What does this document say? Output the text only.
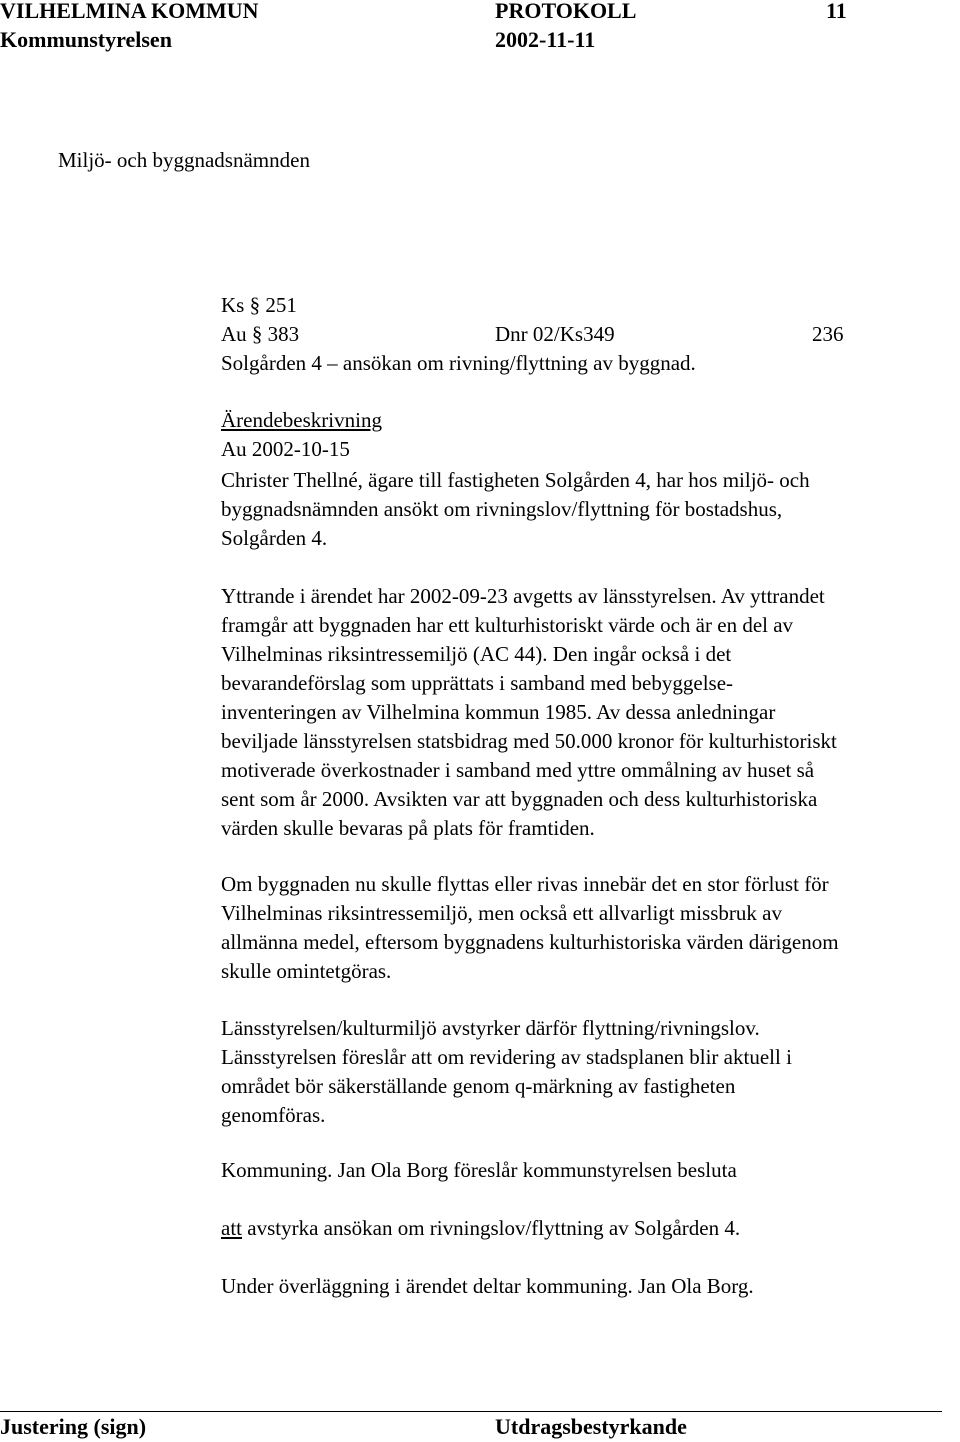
VILHELMINA KOMMUN	PROTOKOLL	11
Kommunstyrelsen	2002-11-11
Miljö- och byggnadsnämnden
Ks § 251
Au § 383	Dnr 02/Ks349	236
Solgården 4 – ansökan om rivning/flyttning av byggnad.
Ärendebeskrivning
Au 2002-10-15
Christer Thellné, ägare till fastigheten Solgården 4, har hos miljö- och
byggnadsnämnden ansökt om rivningslov/flyttning för bostadshus,
Solgården 4.
Yttrande i ärendet har 2002-09-23 avgetts av länsstyrelsen. Av yttrandet
framgår att byggnaden har ett kulturhistoriskt värde och är en del av
Vilhelminas riksintressemiljö (AC 44). Den ingår också i det
bevarandeförslag som upprättats i samband med bebyggelse-
inventeringen av Vilhelmina kommun 1985. Av dessa anledningar
beviljade länsstyrelsen statsbidrag med 50.000 kronor för kulturhistoriskt
motiverade överkostnader i samband med yttre ommålning av huset så
sent som år 2000. Avsikten var att byggnaden och dess kulturhistoriska
värden skulle bevaras på plats för framtiden.
Om byggnaden nu skulle flyttas eller rivas innebär det en stor förlust för
Vilhelminas riksintressemiljö, men också ett allvarligt missbruk av
allmänna medel, eftersom byggnadens kulturhistoriska värden därigenom
skulle omintetgöras.
Länsstyrelsen/kulturmiljö avstyrker därför flyttning/rivningslov.
Länsstyrelsen föreslår att om revidering av stadsplanen blir aktuell i
området bör säkerställande genom q-märkning av fastigheten
genomföras.
Kommuning. Jan Ola Borg föreslår kommunstyrelsen besluta
att avstyrka ansökan om rivningslov/flyttning av Solgården 4.
Under överläggning i ärendet deltar kommuning. Jan Ola Borg.
Justering (sign)	Utdragsbestyrkande
